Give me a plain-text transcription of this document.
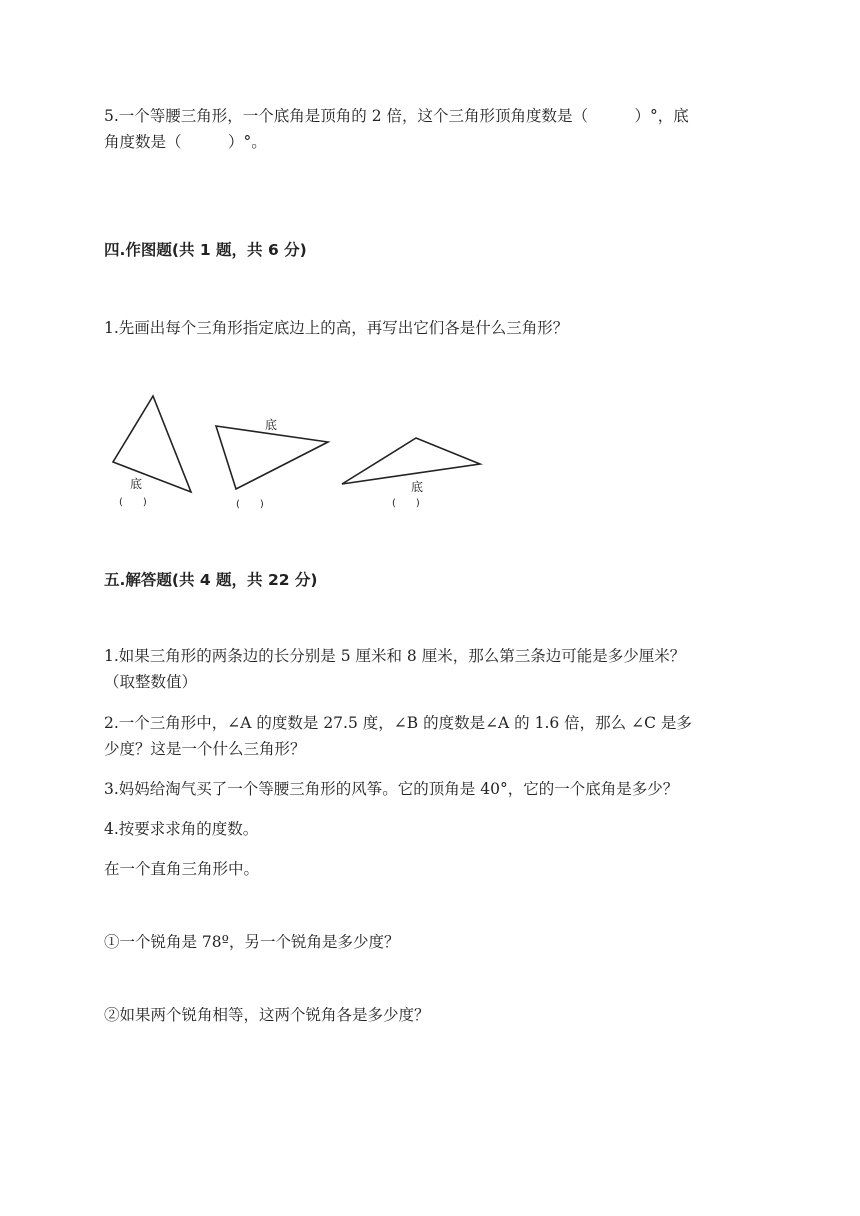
5.一个等腰三角形，一个底角是顶角的 2 倍，这个三角形顶角度数是（　　　）°，底

角度数是（　　　）°。

四.作图题(共 1 题，共 6 分)

1.先画出每个三角形指定底边上的高，再写出它们各是什么三角形？

底
(　　)
底
(　　)
底
(　　)

五.解答题(共 4 题，共 22 分)

1.如果三角形的两条边的长分别是 5 厘米和 8 厘米，那么第三条边可能是多少厘米？

（取整数值）

2.一个三角形中，∠A 的度数是 27.5 度，∠B 的度数是∠A 的 1.6 倍，那么 ∠C 是多

少度？这是一个什么三角形？

3.妈妈给淘气买了一个等腰三角形的风筝。它的顶角是 40°，它的一个底角是多少？

4.按要求求角的度数。

在一个直角三角形中。

①一个锐角是 78º，另一个锐角是多少度？

②如果两个锐角相等，这两个锐角各是多少度？
